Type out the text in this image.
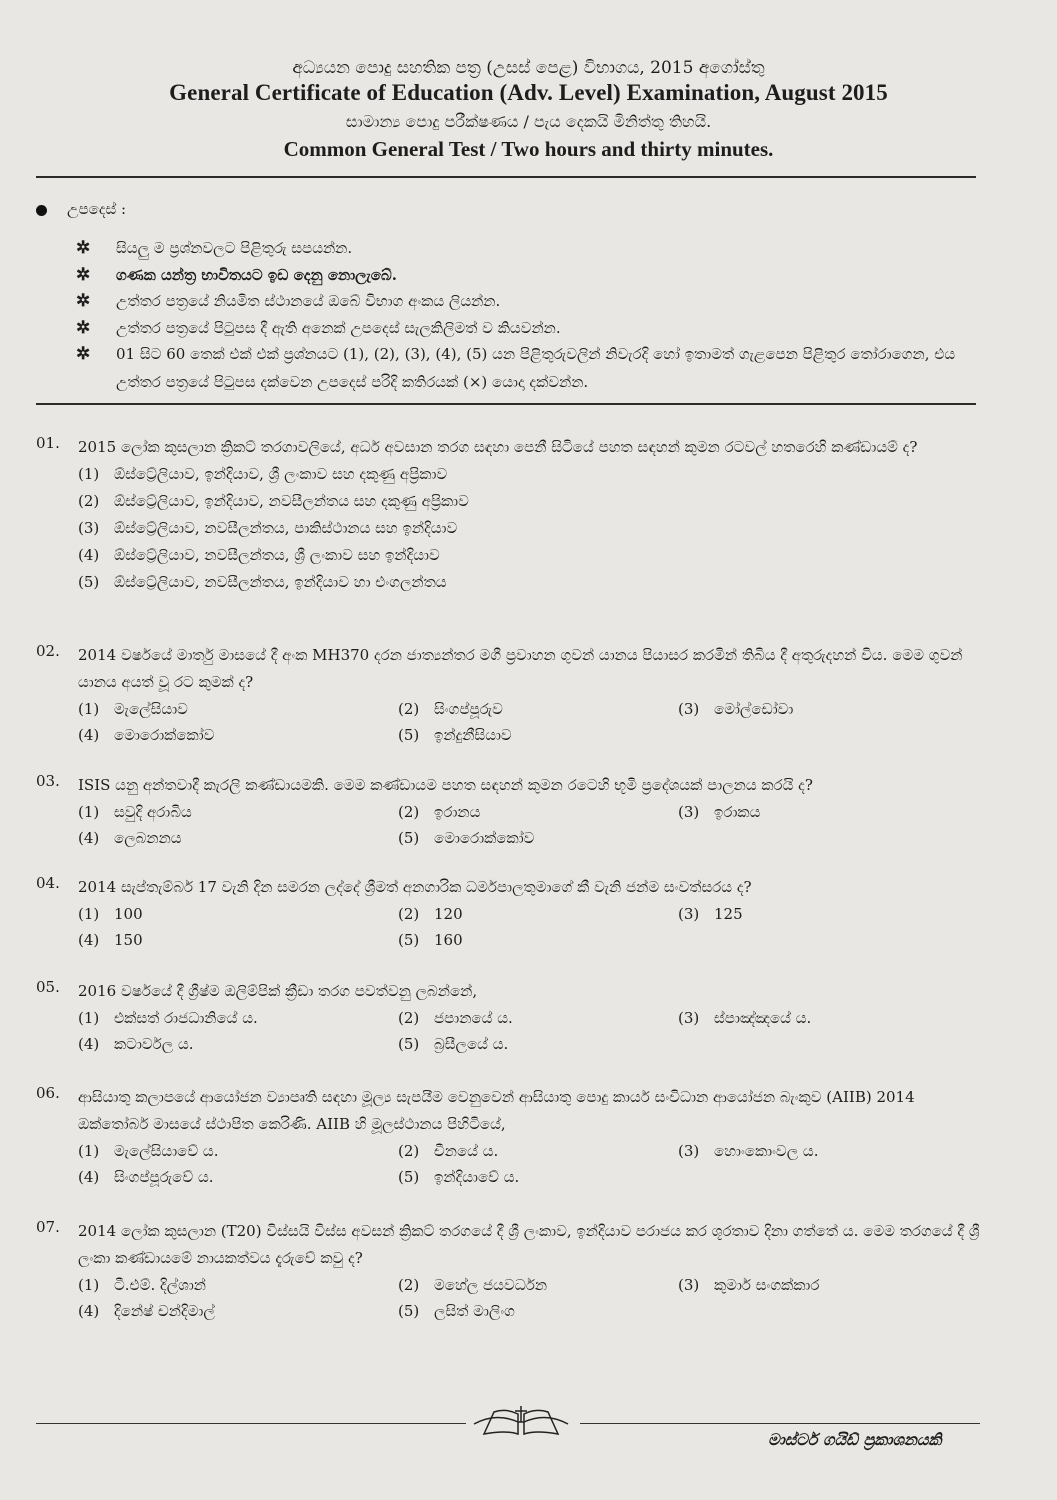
අධ්‍යයන පොදු සහතික පත්‍ර (උසස් පෙළ) විභාගය, 2015 අගෝස්තු
General Certificate of Education (Adv. Level) Examination, August 2015
සාමාන්‍ය පොදු පරීක්ෂණය / පැය දෙකයි මිනිත්තු තිහයි.
Common General Test / Two hours and thirty minutes.
උපදෙස් :
✲ සියලු ම ප්‍රශ්නවලට පිළිතුරු සපයන්න.
✲ ගණක යන්ත්‍ර භාවිතයට ඉඩ දෙනු නොලැබේ.
✲ උත්තර පත්‍රයේ නියමිත ස්ථානයේ ඔබේ විභාග අංකය ලියන්න.
✲ උත්තර පත්‍රයේ පිටුපස දී ඇති අනෙක් උපදෙස් සැලකිලිමත් ව කියවන්න.
✲ 01 සිට 60 තෙක් එක් එක් ප්‍රශ්නයට (1), (2), (3), (4), (5) යන පිළිතුරුවලින් නිවැරදි හෝ ඉතාමත් ගැළපෙන පිළිතුර තෝරාගෙන, එය උත්තර පත්‍රයේ පිටුපස දක්වෙන උපදෙස් පරිදි කතිරයක් (×) යොදා දක්වන්න.
01. 2015 ලෝක කුසලාන ක්‍රිකට් තරගාවලියේ, අර්ධ අවසාන තරග සඳහා පෙනී සිටියේ පහත සඳහන් කුමන රටවල් හතරෙහි කණ්ඩායම් ද?
(1) ඕස්ට්‍රේලියාව, ඉන්දියාව, ශ්‍රී ලංකාව සහ දකුණු අප්‍රිකාව
(2) ඕස්ට්‍රේලියාව, ඉන්දියාව, නවසීලන්තය සහ දකුණු අප්‍රිකාව
(3) ඕස්ට්‍රේලියාව, නවසීලන්තය, පාකිස්ථානය සහ ඉන්දියාව
(4) ඕස්ට්‍රේලියාව, නවසීලන්තය, ශ්‍රී ලංකාව සහ ඉන්දියාව
(5) ඕස්ට්‍රේලියාව, නවසීලන්තය, ඉන්දියාව හා එංගලන්තය
02. 2014 වර්ෂයේ මාර්තු මාසයේ දී අංක MH370 දරන ජාත්‍යන්තර මගී ප්‍රවාහන ගුවන් යානය පියාසර කරමින් තිබිය දී අතුරුදහන් විය. මෙම ගුවන් යානය අයත් වූ රට කුමක් ද?
(1) මැලේසියාව	(2) සිංගප්පූරුව	(3) මෝල්ඩෝවා
(4) මොරොක්කෝව	(5) ඉන්දුනීසියාව
03. ISIS යනු අන්තවාදී කැරලි කණ්ඩායමකි. මෙම කණ්ඩායම පහත සඳහන් කුමන රටෙහි භූමි ප්‍රදේශයක් පාලනය කරයි ද?
(1) සවුදි අරාබිය	(2) ඉරානය	(3) ඉරාකය
(4) ලෙබනනය	(5) මොරොක්කෝව
04. 2014 සැප්තැම්බර් 17 වැනි දින සමරන ලද්දේ ශ්‍රීමත් අනගාරික ධර්මපාලතුමාගේ කී වැනි ජන්ම සංවත්සරය ද?
(1) 100	(2) 120	(3) 125
(4) 150	(5) 160
05. 2016 වර්ෂයේ දී ග්‍රීෂ්ම ඔලිම්පික් ක්‍රීඩා තරග පවත්වනු ලබන්නේ,
(1) එක්සත් රාජධානියේ ය.	(2) ජපානයේ ය.	(3) ස්පාඤ්ඤයේ ය.
(4) කටාර්වල ය.	(5) බ්‍රසීලයේ ය.
06. ආසියාතු කලාපයේ ආයෝජන ව්‍යාපෘති සඳහා මූල්‍ය සැපයීම වෙනුවෙන් ආසියාතු පොදු කාර්ය සංවිධාන ආයෝජන බැංකුව (AIIB) 2014 ඔක්තෝබර් මාසයේ ස්ථාපිත කෙරිණි. AIIB හි මූලස්ථානය පිහිටියේ,
(1) මැලේසියාවේ ය.	(2) චීනයේ ය.	(3) හොංකොංවල ය.
(4) සිංගප්පූරුවේ ය.	(5) ඉන්දියාවේ ය.
07. 2014 ලෝක කුසලාන (T20) විස්සයි විස්ස අවසන් ක්‍රිකට් තරගයේ දී ශ්‍රී ලංකාව, ඉන්දියාව පරාජය කර ශූරතාව දිනා ගත්තේ ය. මෙම තරගයේ දී ශ්‍රී ලංකා කණ්ඩායමේ නායකත්වය දැරුවේ කවු ද?
(1) ටී.එම්. දිල්ශාන්	(2) මහේල ජයවර්ධන	(3) කුමාර් සංගක්කාර
(4) දිනේෂ් චන්දිමාල්	(5) ලසිත් මාලිංග
මාස්ටර් ගයිඩ් ප්‍රකාශනයකි
